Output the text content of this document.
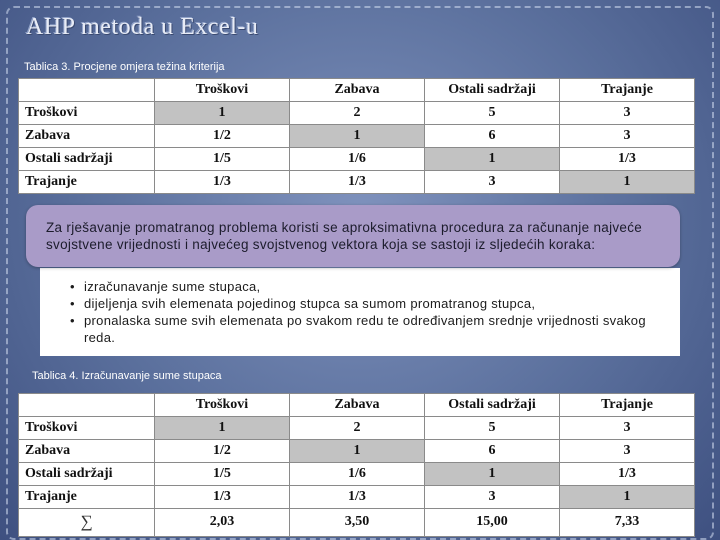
AHP metoda u Excel-u
Tablica 3. Procjene omjera težina kriterija
	Troškovi	Zabava	Ostali sadržaji	Trajanje
Troškovi	1	2	5	3
Zabava	1/2	1	6	3
Ostali sadržaji	1/5	1/6	1	1/3
Trajanje	1/3	1/3	3	1
• izračunavanje sume stupaca,
• dijeljenja svih elemenata pojedinog stupca sa sumom promatranog stupca,
• pronalaska sume svih elemenata po svakom redu te određivanjem srednje vrijednosti svakog reda.

Za rješavanje promatranog problema koristi se aproksimativna procedura za računanje najveće svojstvene vrijednosti i najvećeg svojstvenog vektora koja se sastoji iz sljedećih koraka:

Tablica 4. Izračunavanje sume stupaca
	Troškovi	Zabava	Ostali sadržaji	Trajanje
Troškovi	1	2	5	3
Zabava	1/2	1	6	3
Ostali sadržaji	1/5	1/6	1	1/3
Trajanje	1/3	1/3	3	1
∑	2,03	3,50	15,00	7,33
